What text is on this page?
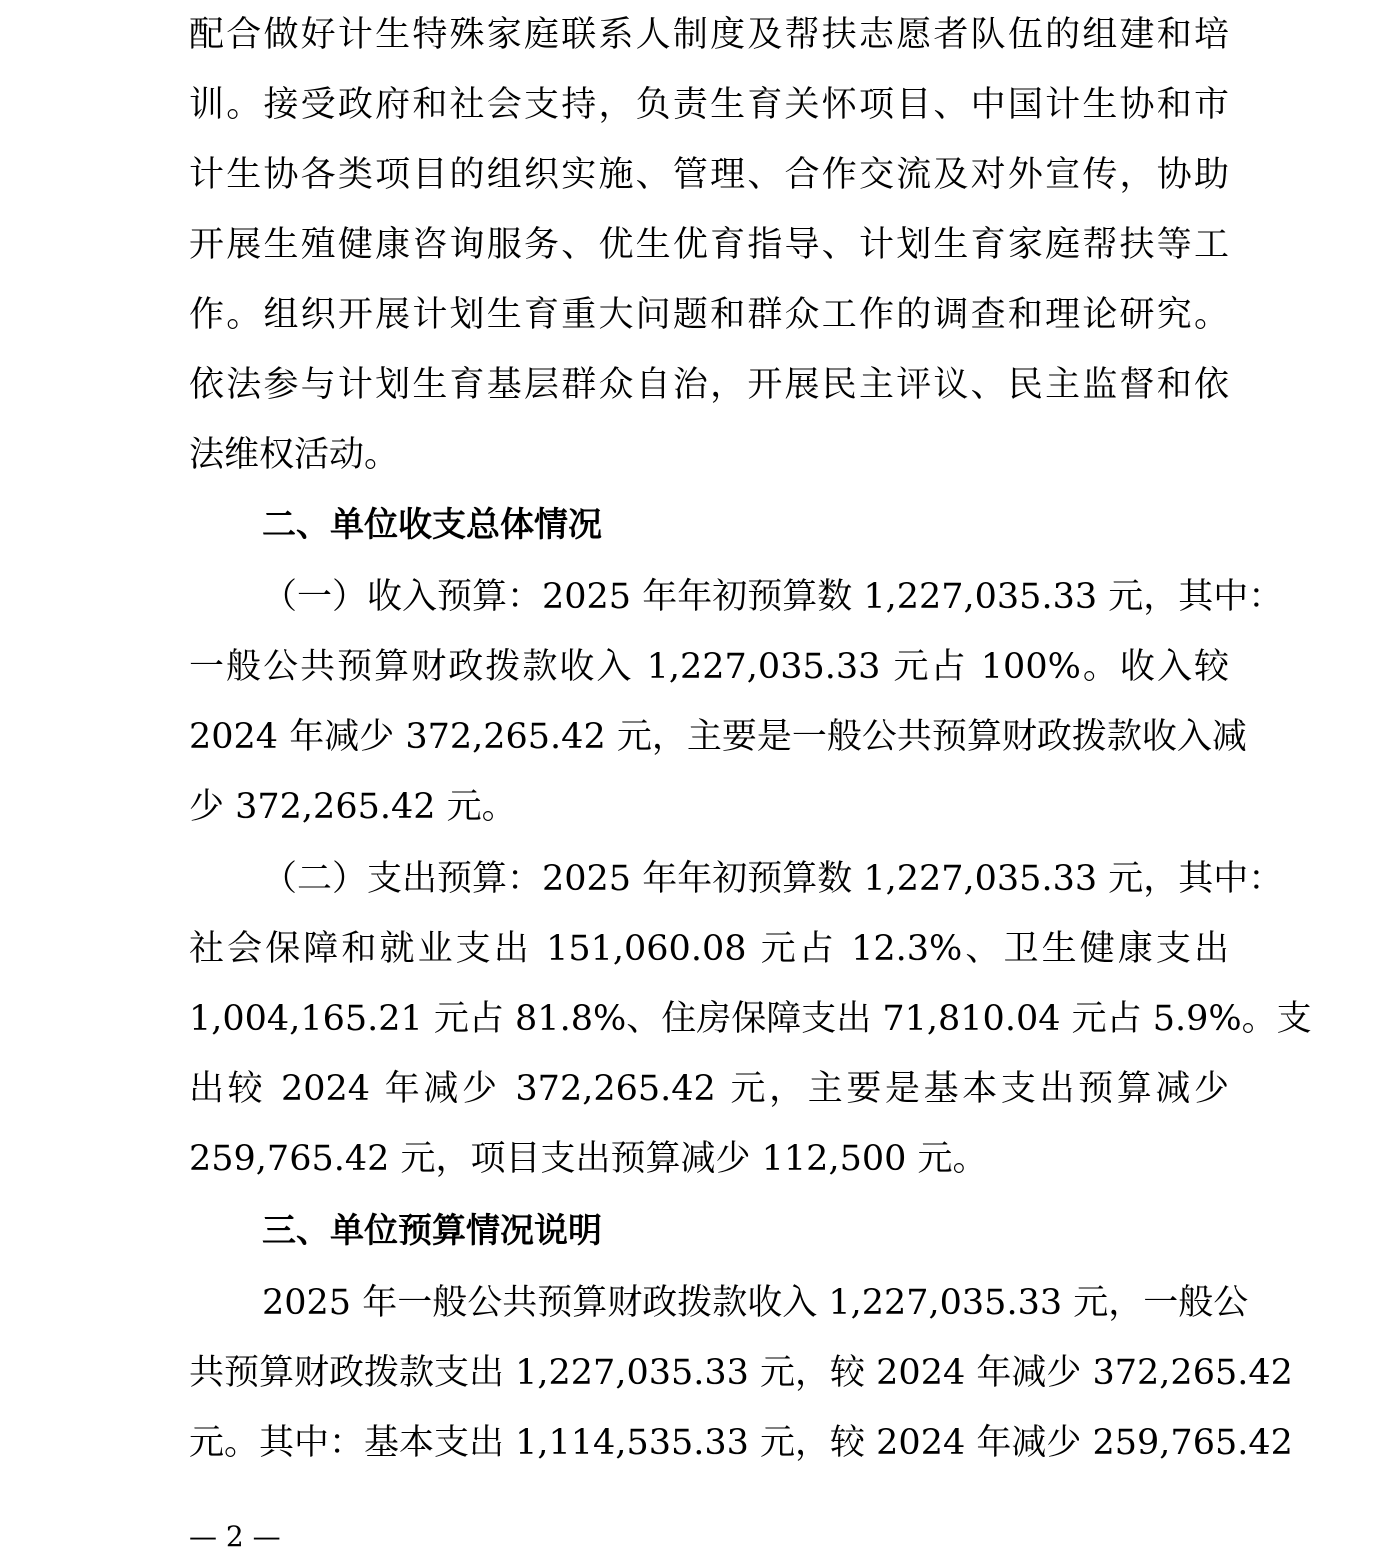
配合做好计生特殊家庭联系人制度及帮扶志愿者队伍的组建和培
训。接受政府和社会支持，负责生育关怀项目、中国计生协和市
计生协各类项目的组织实施、管理、合作交流及对外宣传，协助
开展生殖健康咨询服务、优生优育指导、计划生育家庭帮扶等工
作。组织开展计划生育重大问题和群众工作的调查和理论研究。
依法参与计划生育基层群众自治，开展民主评议、民主监督和依
法维权活动。
二、单位收支总体情况
（一）收入预算：2025 年年初预算数 1,227,035.33 元，其中：
一般公共预算财政拨款收入 1,227,035.33 元占 100%。收入较
2024 年减少 372,265.42 元，主要是一般公共预算财政拨款收入减
少 372,265.42 元。
（二）支出预算：2025 年年初预算数 1,227,035.33 元，其中：
社会保障和就业支出 151,060.08 元占 12.3%、卫生健康支出
1,004,165.21 元占 81.8%、住房保障支出 71,810.04 元占 5.9%。支
出较 2024 年减少 372,265.42 元，主要是基本支出预算减少
259,765.42 元，项目支出预算减少 112,500 元。
三、单位预算情况说明
2025 年一般公共预算财政拨款收入 1,227,035.33 元，一般公
共预算财政拨款支出 1,227,035.33 元，较 2024 年减少 372,265.42
元。其中：基本支出 1,114,535.33 元，较 2024 年减少 259,765.42
— 2 —
